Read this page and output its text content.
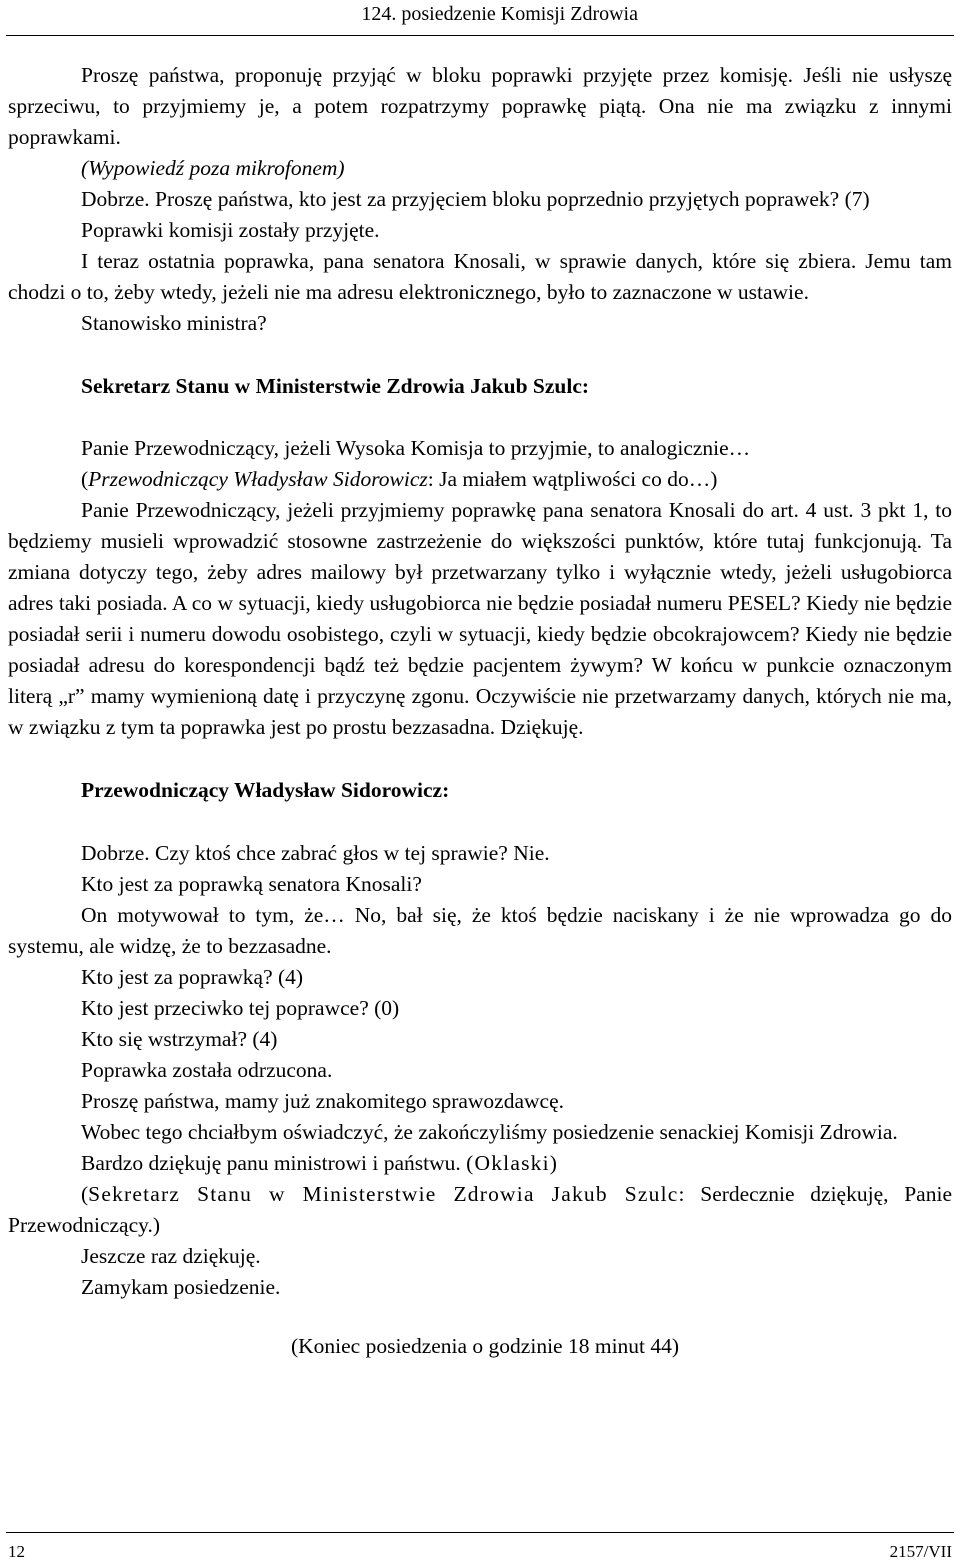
124. posiedzenie Komisji Zdrowia

Proszę państwa, proponuję przyjąć w bloku poprawki przyjęte przez komisję. Jeśli nie usłyszę sprzeciwu, to przyjmiemy je, a potem rozpatrzymy poprawkę piątą. Ona nie ma związku z innymi poprawkami.

(Wypowiedź poza mikrofonem)

Dobrze. Proszę państwa, kto jest za przyjęciem bloku poprzednio przyjętych poprawek? (7)

Poprawki komisji zostały przyjęte.

I teraz ostatnia poprawka, pana senatora Knosali, w sprawie danych, które się zbiera. Jemu tam chodzi o to, żeby wtedy, jeżeli nie ma adresu elektronicznego, było to zaznaczone w ustawie.

Stanowisko ministra?

Sekretarz Stanu w Ministerstwie Zdrowia Jakub Szulc:

Panie Przewodniczący, jeżeli Wysoka Komisja to przyjmie, to analogicznie…

(Przewodniczący Władysław Sidorowicz: Ja miałem wątpliwości co do…)

Panie Przewodniczący, jeżeli przyjmiemy poprawkę pana senatora Knosali do art. 4 ust. 3 pkt 1, to będziemy musieli wprowadzić stosowne zastrzeżenie do większości punktów, które tutaj funkcjonują. Ta zmiana dotyczy tego, żeby adres mailowy był przetwarzany tylko i wyłącznie wtedy, jeżeli usługobiorca adres taki posiada. A co w sytuacji, kiedy usługobiorca nie będzie posiadał numeru PESEL? Kiedy nie będzie posiadał serii i numeru dowodu osobistego, czyli w sytuacji, kiedy będzie obcokrajowcem? Kiedy nie będzie posiadał adresu do korespondencji bądź też będzie pacjentem żywym? W końcu w punkcie oznaczonym literą „r” mamy wymienioną datę i przyczynę zgonu. Oczywiście nie przetwarzamy danych, których nie ma, w związku z tym ta poprawka jest po prostu bezzasadna. Dziękuję.

Przewodniczący Władysław Sidorowicz:

Dobrze. Czy ktoś chce zabrać głos w tej sprawie? Nie.

Kto jest za poprawką senatora Knosali?

On motywował to tym, że… No, bał się, że ktoś będzie naciskany i że nie wprowadza go do systemu, ale widzę, że to bezzasadne.

Kto jest za poprawką? (4)

Kto jest przeciwko tej poprawce? (0)

Kto się wstrzymał? (4)

Poprawka została odrzucona.

Proszę państwa, mamy już znakomitego sprawozdawcę.

Wobec tego chciałbym oświadczyć, że zakończyliśmy posiedzenie senackiej Komisji Zdrowia.

Bardzo dziękuję panu ministrowi i państwu. (Oklaski)

(Sekretarz Stanu w Ministerstwie Zdrowia Jakub Szulc: Serdecznie dziękuję, Panie Przewodniczący.)

Jeszcze raz dziękuję.

Zamykam posiedzenie.

(Koniec posiedzenia o godzinie 18 minut 44)

12	2157/VII
